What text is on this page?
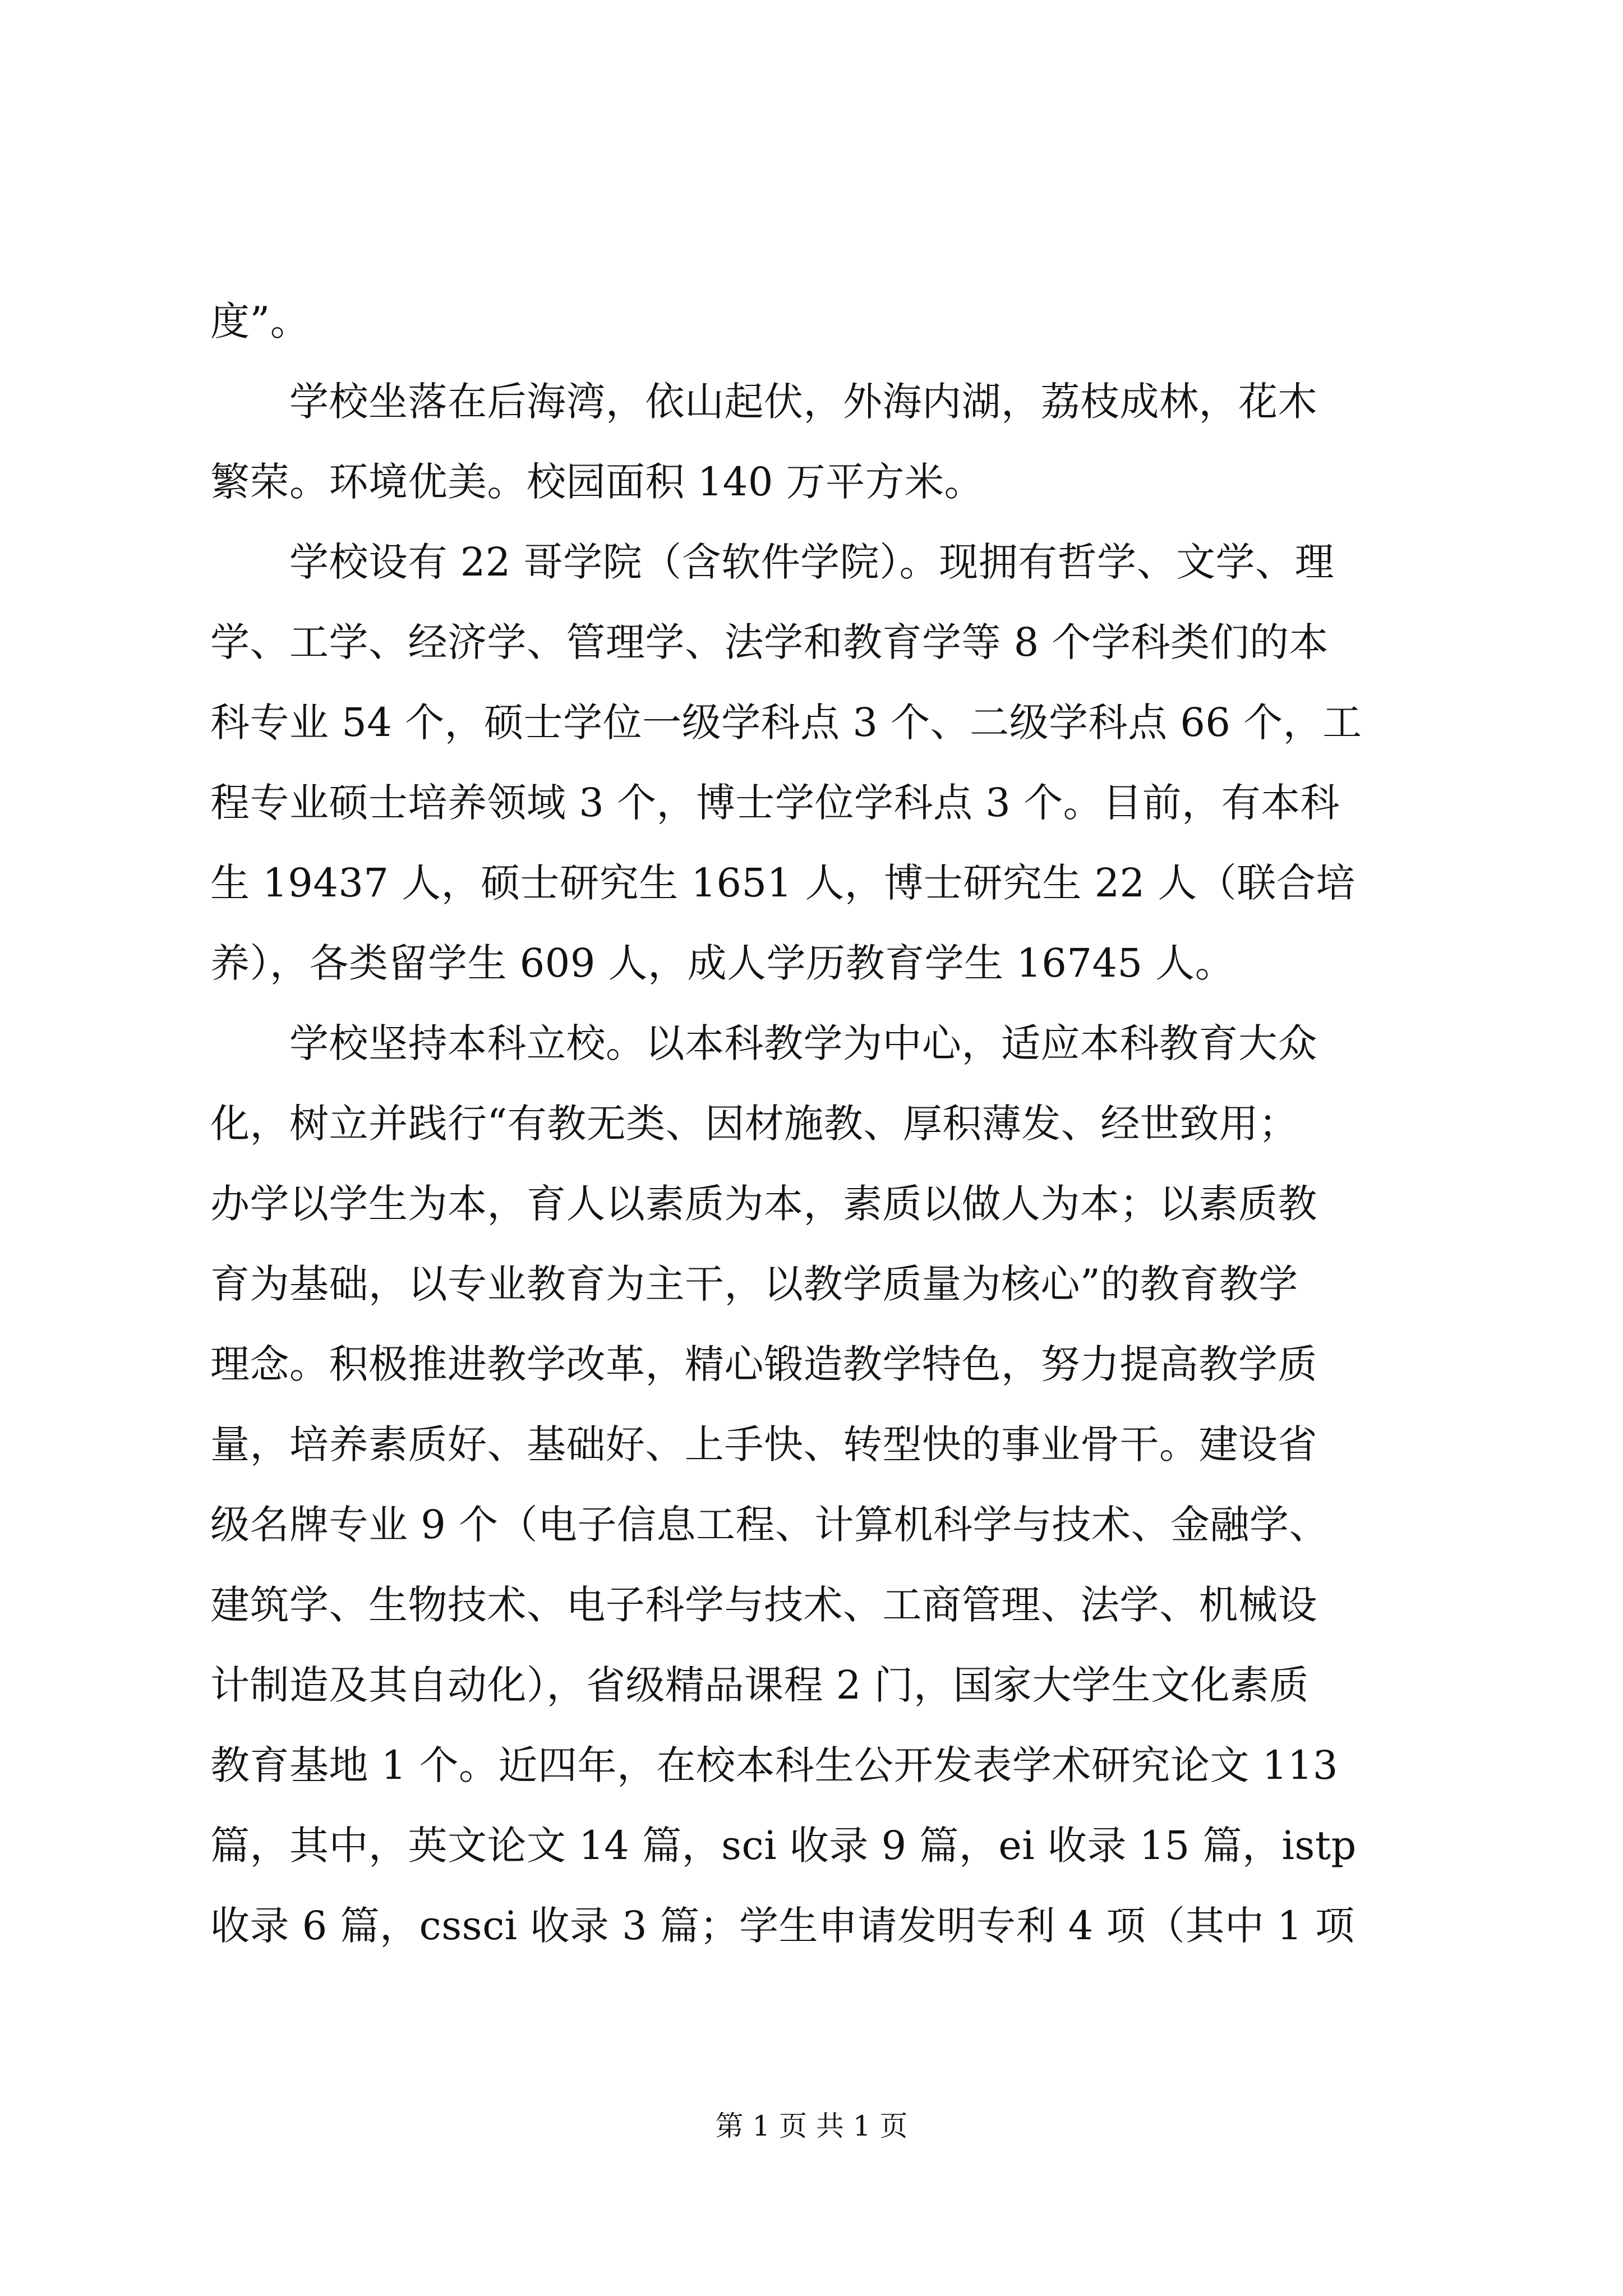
度”。
　　学校坐落在后海湾，依山起伏，外海内湖，荔枝成林，花木
繁荣。环境优美。校园面积 140 万平方米。
　　学校设有 22 哥学院（含软件学院）。现拥有哲学、文学、理
学、工学、经济学、管理学、法学和教育学等 8 个学科类们的本
科专业 54 个，硕士学位一级学科点 3 个、二级学科点 66 个，工
程专业硕士培养领域 3 个，博士学位学科点 3 个。目前，有本科
生 19437 人，硕士研究生 1651 人，博士研究生 22 人（联合培
养），各类留学生 609 人，成人学历教育学生 16745 人。
　　学校坚持本科立校。以本科教学为中心，适应本科教育大众
化，树立并践行“有教无类、因材施教、厚积薄发、经世致用；
办学以学生为本，育人以素质为本，素质以做人为本；以素质教
育为基础，以专业教育为主干，以教学质量为核心”的教育教学
理念。积极推进教学改革，精心锻造教学特色，努力提高教学质
量，培养素质好、基础好、上手快、转型快的事业骨干。建设省
级名牌专业 9 个（电子信息工程、计算机科学与技术、金融学、
建筑学、生物技术、电子科学与技术、工商管理、法学、机械设
计制造及其自动化），省级精品课程 2 门，国家大学生文化素质
教育基地 1 个。近四年，在校本科生公开发表学术研究论文 113
篇，其中，英文论文 14 篇，sci 收录 9 篇，ei 收录 15 篇，istp
收录 6 篇，cssci 收录 3 篇；学生申请发明专利 4 项（其中 1 项
第 1 页 共 1 页
